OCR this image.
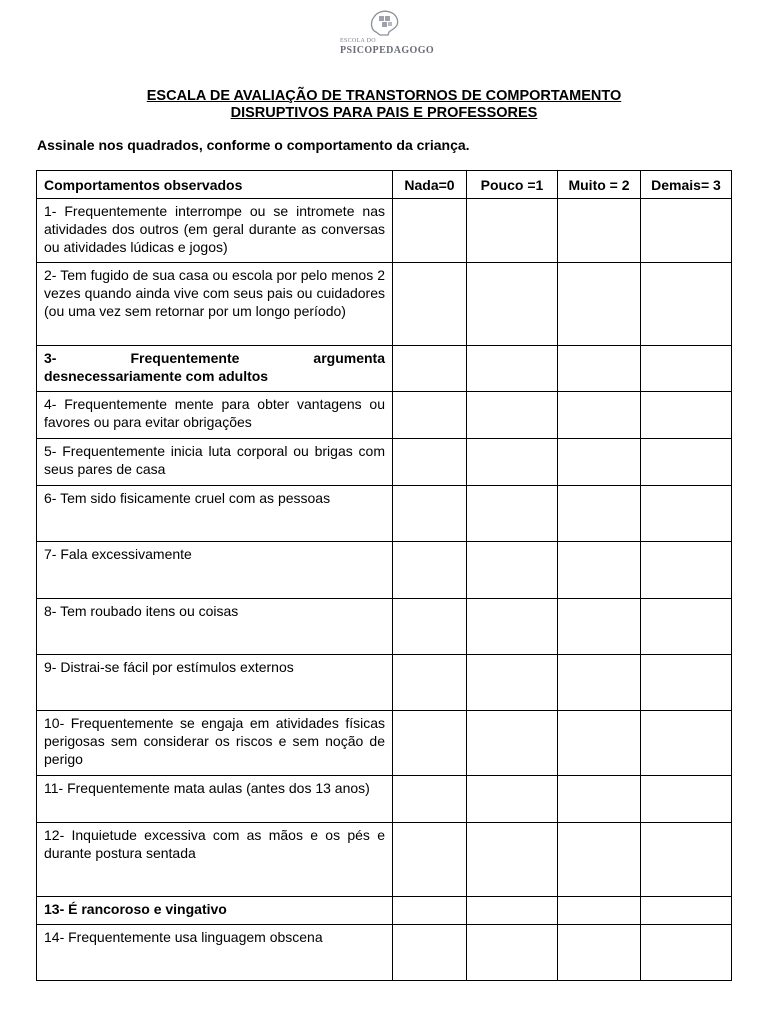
ESCOLA DO
PSICOPEDAGOGO
ESCALA DE AVALIAÇÃO DE TRANSTORNOS DE COMPORTAMENTO
DISRUPTIVOS PARA PAIS E PROFESSORES
Assinale nos quadrados, conforme o comportamento da criança.
Comportamentos observados	Nada=0	Pouco =1	Muito = 2	Demais= 3
1- Frequentemente interrompe ou se intromete nas atividades dos outros (em geral durante as conversas ou atividades lúdicas e jogos)				
2- Tem fugido de sua casa ou escola por pelo menos 2 vezes quando ainda vive com seus pais ou cuidadores (ou uma vez sem retornar por um longo período)				
3- Frequentemente argumenta desnecessariamente com adultos				
4- Frequentemente mente para obter vantagens ou favores ou para evitar obrigações				
5- Frequentemente inicia luta corporal ou brigas com seus pares de casa				
6- Tem sido fisicamente cruel com as pessoas				
7- Fala excessivamente				
8- Tem roubado itens ou coisas				
9- Distrai-se fácil por estímulos externos				
10- Frequentemente se engaja em atividades físicas perigosas sem considerar os riscos e sem noção de perigo				
11- Frequentemente mata aulas (antes dos 13 anos)				
12- Inquietude excessiva com as mãos e os pés e durante postura sentada				
13- É rancoroso e vingativo				
14- Frequentemente usa linguagem obscena				
